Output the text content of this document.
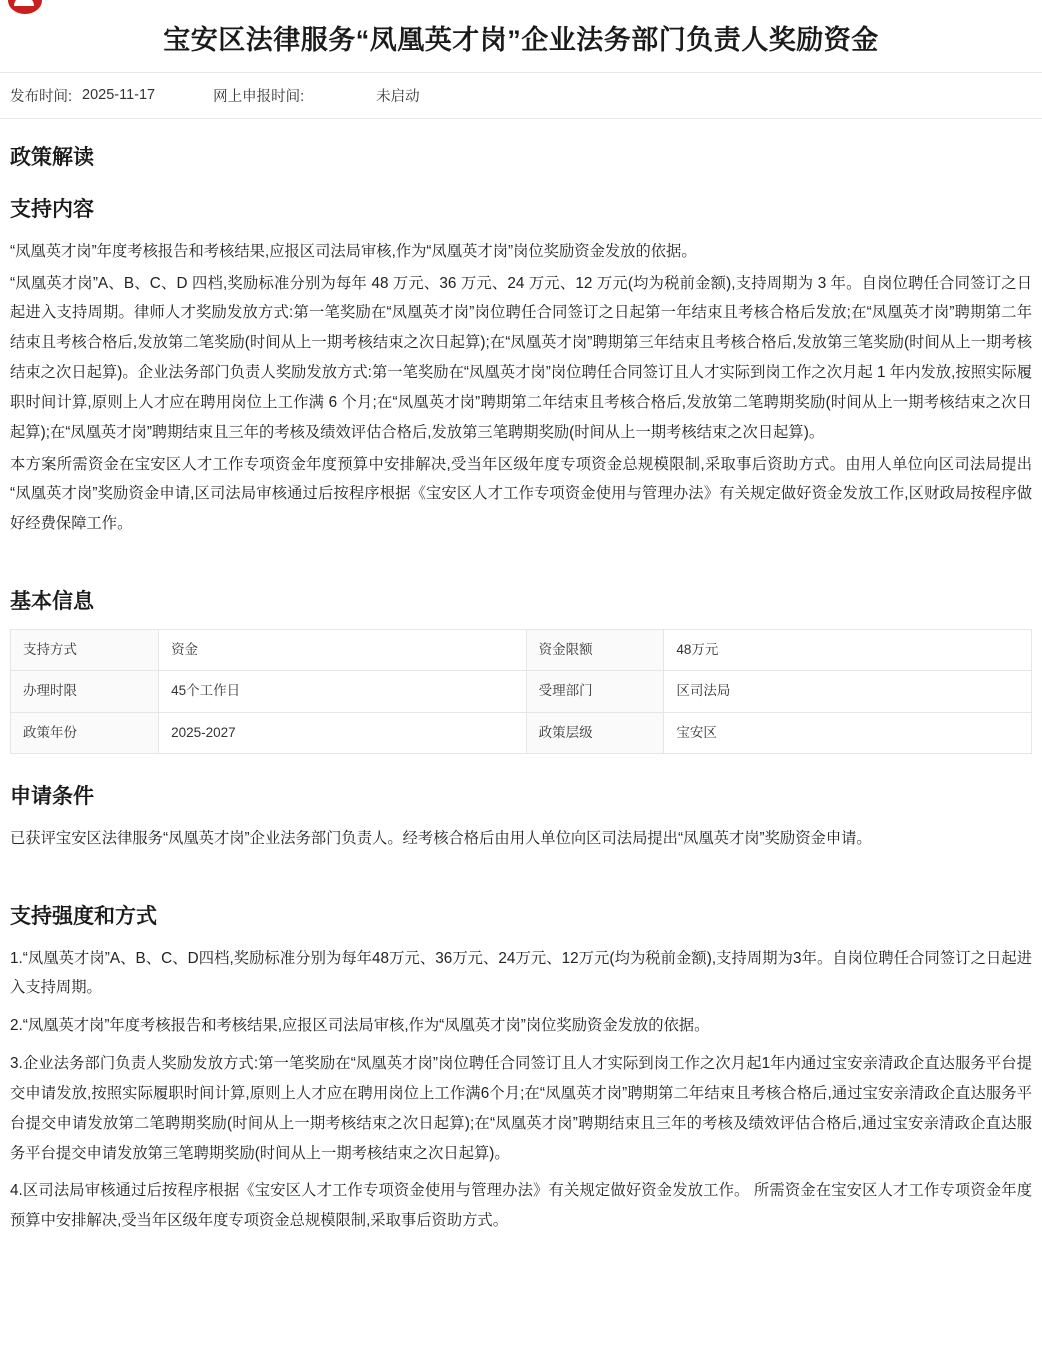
宝安区法律服务“凤凰英才岗”企业法务部门负责人奖励资金
发布时间: 2025-11-17	网上申报时间:	未启动
政策解读
支持内容

“凤凰英才岗”年度考核报告和考核结果,应报区司法局审核,作为“凤凰英才岗”岗位奖励资金发放的依据。

“凤凰英才岗”A、B、C、D 四档,奖励标准分别为每年 48 万元、36 万元、24 万元、12 万元(均为税前金额),支持周期为 3 年。自岗位聘任合同签订之日起进入支持周期。律师人才奖励发放方式:第一笔奖励在“凤凰英才岗”岗位聘任合同签订之日起第一年结束且考核合格后发放;在“凤凰英才岗”聘期第二年结束且考核合格后,发放第二笔奖励(时间从上一期考核结束之次日起算);在“凤凰英才岗”聘期第三年结束且考核合格后,发放第三笔奖励(时间从上一期考核结束之次日起算)。企业法务部门负责人奖励发放方式:第一笔奖励在“凤凰英才岗”岗位聘任合同签订且人才实际到岗工作之次月起 1 年内发放,按照实际履职时间计算,原则上人才应在聘用岗位上工作满 6 个月;在“凤凰英才岗”聘期第二年结束且考核合格后,发放第二笔聘期奖励(时间从上一期考核结束之次日起算);在“凤凰英才岗”聘期结束且三年的考核及绩效评估合格后,发放第三笔聘期奖励(时间从上一期考核结束之次日起算)。

本方案所需资金在宝安区人才工作专项资金年度预算中安排解决,受当年区级年度专项资金总规模限制,采取事后资助方式。由用人单位向区司法局提出“凤凰英才岗”奖励资金申请,区司法局审核通过后按程序根据《宝安区人才工作专项资金使用与管理办法》有关规定做好资金发放工作,区财政局按程序做好经费保障工作。

基本信息
支持方式	资金	资金限额	48万元
办理时限	45个工作日	受理部门	区司法局
政策年份	2025-2027	政策层级	宝安区
申请条件

已获评宝安区法律服务“凤凰英才岗”企业法务部门负责人。经考核合格后由用人单位向区司法局提出“凤凰英才岗”奖励资金申请。

支持强度和方式

1.“凤凰英才岗”A、B、C、D四档,奖励标准分别为每年48万元、36万元、24万元、12万元(均为税前金额),支持周期为3年。自岗位聘任合同签订之日起进入支持周期。

2.“凤凰英才岗”年度考核报告和考核结果,应报区司法局审核,作为“凤凰英才岗”岗位奖励资金发放的依据。

3.企业法务部门负责人奖励发放方式:第一笔奖励在“凤凰英才岗”岗位聘任合同签订且人才实际到岗工作之次月起1年内通过宝安亲清政企直达服务平台提交申请发放,按照实际履职时间计算,原则上人才应在聘用岗位上工作满6个月;在“凤凰英才岗”聘期第二年结束且考核合格后,通过宝安亲清政企直达服务平台提交申请发放第二笔聘期奖励(时间从上一期考核结束之次日起算);在“凤凰英才岗”聘期结束且三年的考核及绩效评估合格后,通过宝安亲清政企直达服务平台提交申请发放第三笔聘期奖励(时间从上一期考核结束之次日起算)。

4.区司法局审核通过后按程序根据《宝安区人才工作专项资金使用与管理办法》有关规定做好资金发放工作。 所需资金在宝安区人才工作专项资金年度预算中安排解决,受当年区级年度专项资金总规模限制,采取事后资助方式。
